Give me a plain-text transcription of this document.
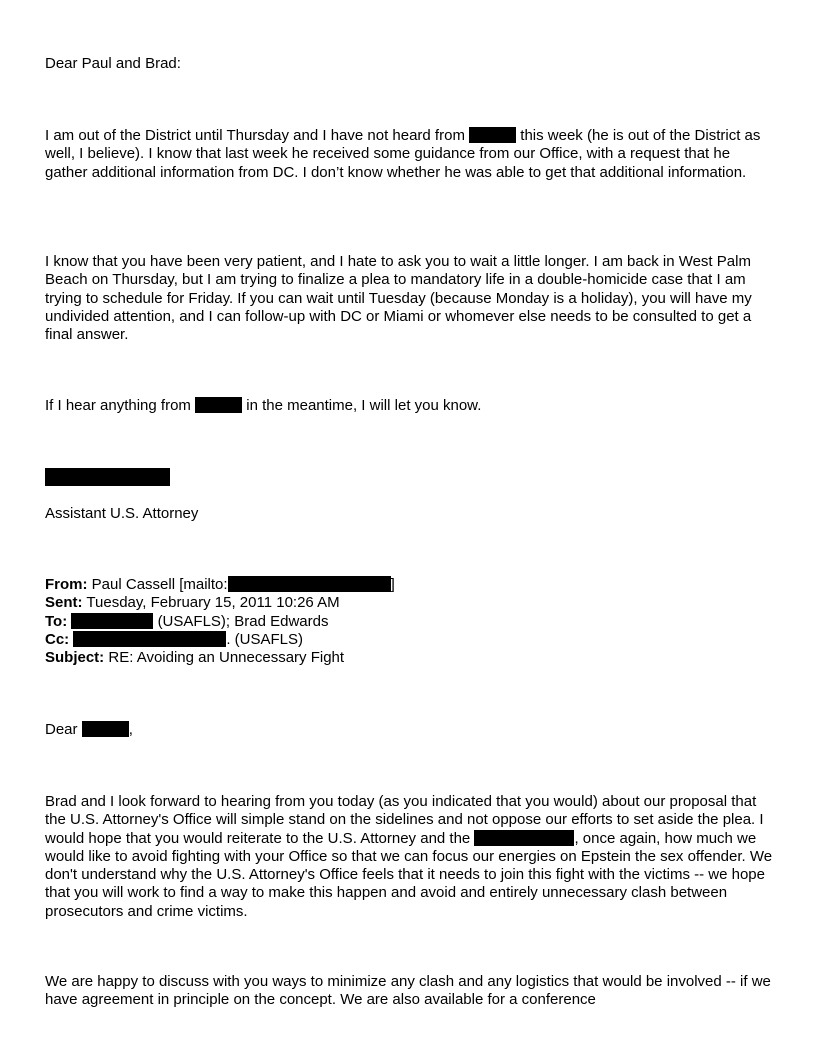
Dear Paul and Brad:

I am out of the District until Thursday and I have not heard from	this week (he is out of the District as well, I believe). I know that last week he received some guidance from our Office, with a request that he gather additional information from DC. I don’t know whether he was able to get that additional information.

I know that you have been very patient, and I hate to ask you to wait a little longer. I am back in West Palm Beach on Thursday, but I am trying to finalize a plea to mandatory life in a double-homicide case that I am trying to schedule for Friday. If you can wait until Tuesday (because Monday is a holiday), you will have my undivided attention, and I can follow-up with DC or Miami or whomever else needs to be consulted to get a final answer.

If I hear anything from	in the meantime, I will let you know.

Assistant U.S. Attorney

From: Paul Cassell [mailto:	]
Sent: Tuesday, February 15, 2011 10:26 AM
To:	(USAFLS); Brad Edwards
Cc:	. (USAFLS)
Subject: RE: Avoiding an Unnecessary Fight

Dear	,

Brad and I look forward to hearing from you today (as you indicated that you would) about our proposal that the U.S. Attorney's Office will simple stand on the sidelines and not oppose our efforts to set aside the plea. I would hope that you would reiterate to the U.S. Attorney and the	, once again, how much we would like to avoid fighting with your Office so that we can focus our energies on Epstein the sex offender. We don't understand why the U.S. Attorney's Office feels that it needs to join this fight with the victims -- we hope that you will work to find a way to make this happen and avoid and entirely unnecessary clash between prosecutors and crime victims.

We are happy to discuss with you ways to minimize any clash and any logistics that would be involved -- if we have agreement in principle on the concept. We are also available for a conference
